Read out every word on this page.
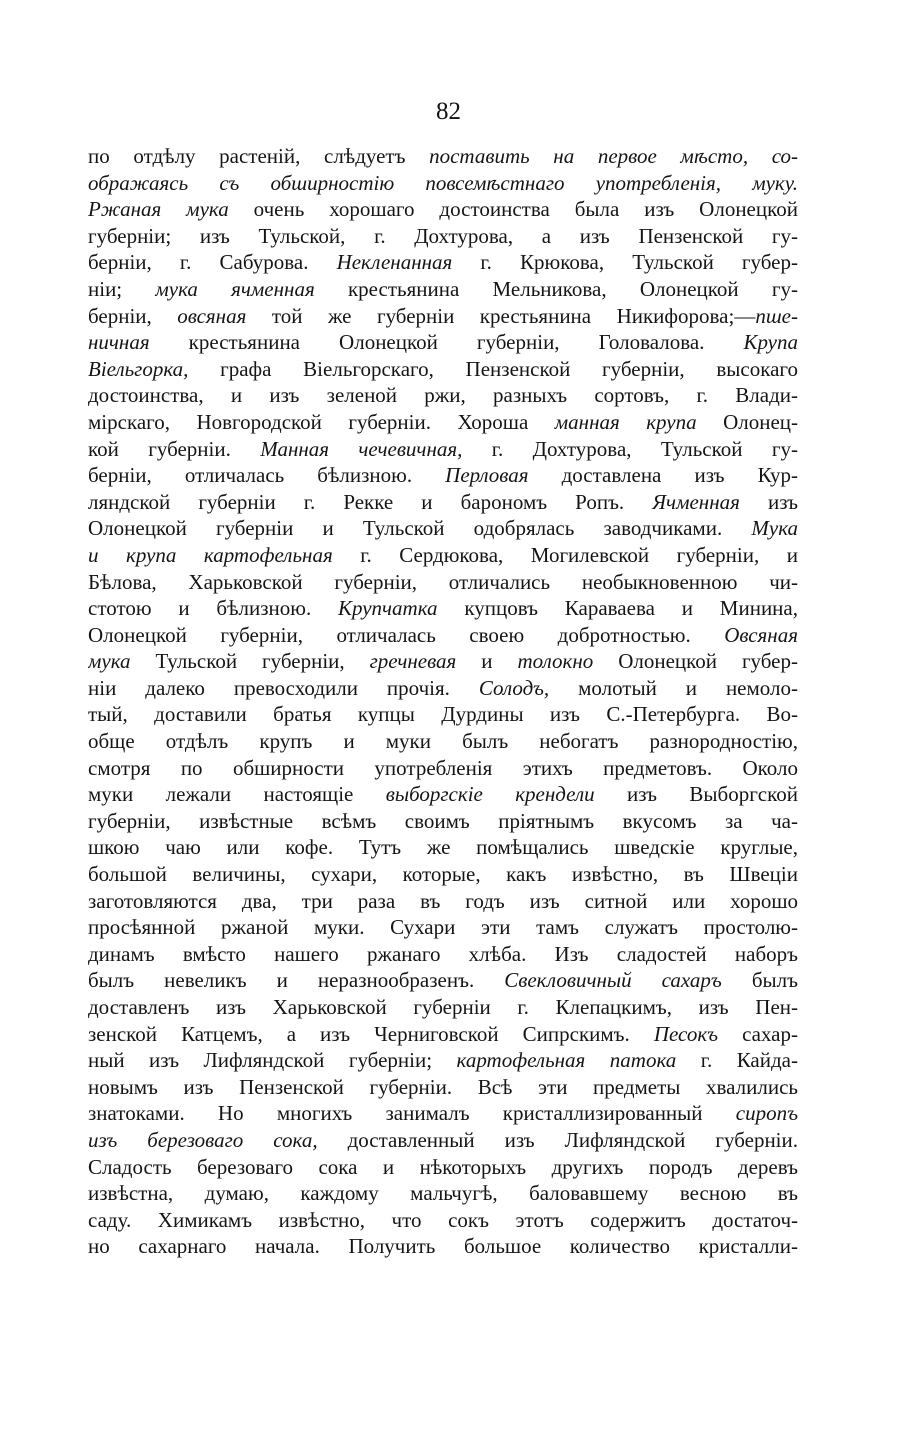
82
по отдѣлу растеній, слѣдуетъ поставить на первое мѣсто, со-
ображаясь съ обширностію повсемѣстнаго употребленія, муку.
Ржаная мука очень хорошаго достоинства была изъ Олонецкой
губерніи; изъ Тульской, г. Дохтурова, а изъ Пензенской гу-
берніи, г. Сабурова. Некленанная г. Крюкова, Тульской губер-
ніи; мука ячменная крестьянина Мельникова, Олонецкой гу-
берніи, овсяная той же губерніи крестьянина Никифорова;—пше-
ничная крестьянина Олонецкой губерніи, Головалова. Крупа
Віельгорка, графа Віельгорскаго, Пензенской губерніи, высокаго
достоинства, и изъ зеленой ржи, разныхъ сортовъ, г. Влади-
мірскаго, Новгородской губерніи. Хороша манная крупа Олонец-
кой губерніи. Манная чечевичная, г. Дохтурова, Тульской гу-
берніи, отличалась бѣлизною. Перловая доставлена изъ Кур-
ляндской губерніи г. Рекке и барономъ Ропъ. Ячменная изъ
Олонецкой губерніи и Тульской одобрялась заводчиками. Мука
и крупа картофельная г. Сердюкова, Могилевской губерніи, и
Бѣлова, Харьковской губерніи, отличались необыкновенною чи-
стотою и бѣлизною. Крупчатка купцовъ Караваева и Минина,
Олонецкой губерніи, отличалась своею добротностью. Овсяная
мука Тульской губерніи, гречневая и толокно Олонецкой губер-
ніи далеко превосходили прочія. Солодъ, молотый и немоло-
тый, доставили братья купцы Дурдины изъ С.-Петербурга. Во-
обще отдѣлъ крупъ и муки былъ небогатъ разнородностію,
смотря по обширности употребленія этихъ предметовъ. Около
муки лежали настоящіе выборгскіе крендели изъ Выборгской
губерніи, извѣстные всѣмъ своимъ пріятнымъ вкусомъ за ча-
шкою чаю или кофе. Тутъ же помѣщались шведскіе круглые,
большой величины, сухари, которые, какъ извѣстно, въ Швеціи
заготовляются два, три раза въ годъ изъ ситной или хорошо
просѣянной ржаной муки. Сухари эти тамъ служатъ простолю-
динамъ вмѣсто нашего ржанаго хлѣба. Изъ сладостей наборъ
былъ невеликъ и неразнообразенъ. Свекловичный сахаръ былъ
доставленъ изъ Харьковской губерніи г. Клепацкимъ, изъ Пен-
зенской Катцемъ, а изъ Черниговской Сипрскимъ. Песокъ сахар-
ный изъ Лифляндской губерніи; картофельная патока г. Кайда-
новымъ изъ Пензенской губерніи. Всѣ эти предметы хвалились
знатоками. Но многихъ занималъ кристаллизированный сиропъ
изъ березоваго сока, доставленный изъ Лифляндской губерніи.
Сладость березоваго сока и нѣкоторыхъ другихъ породъ деревъ
извѣстна, думаю, каждому мальчугѣ, баловавшему весною въ
саду. Химикамъ извѣстно, что сокъ этотъ содержитъ достаточ-
но сахарнаго начала. Получить большое количество кристалли-
